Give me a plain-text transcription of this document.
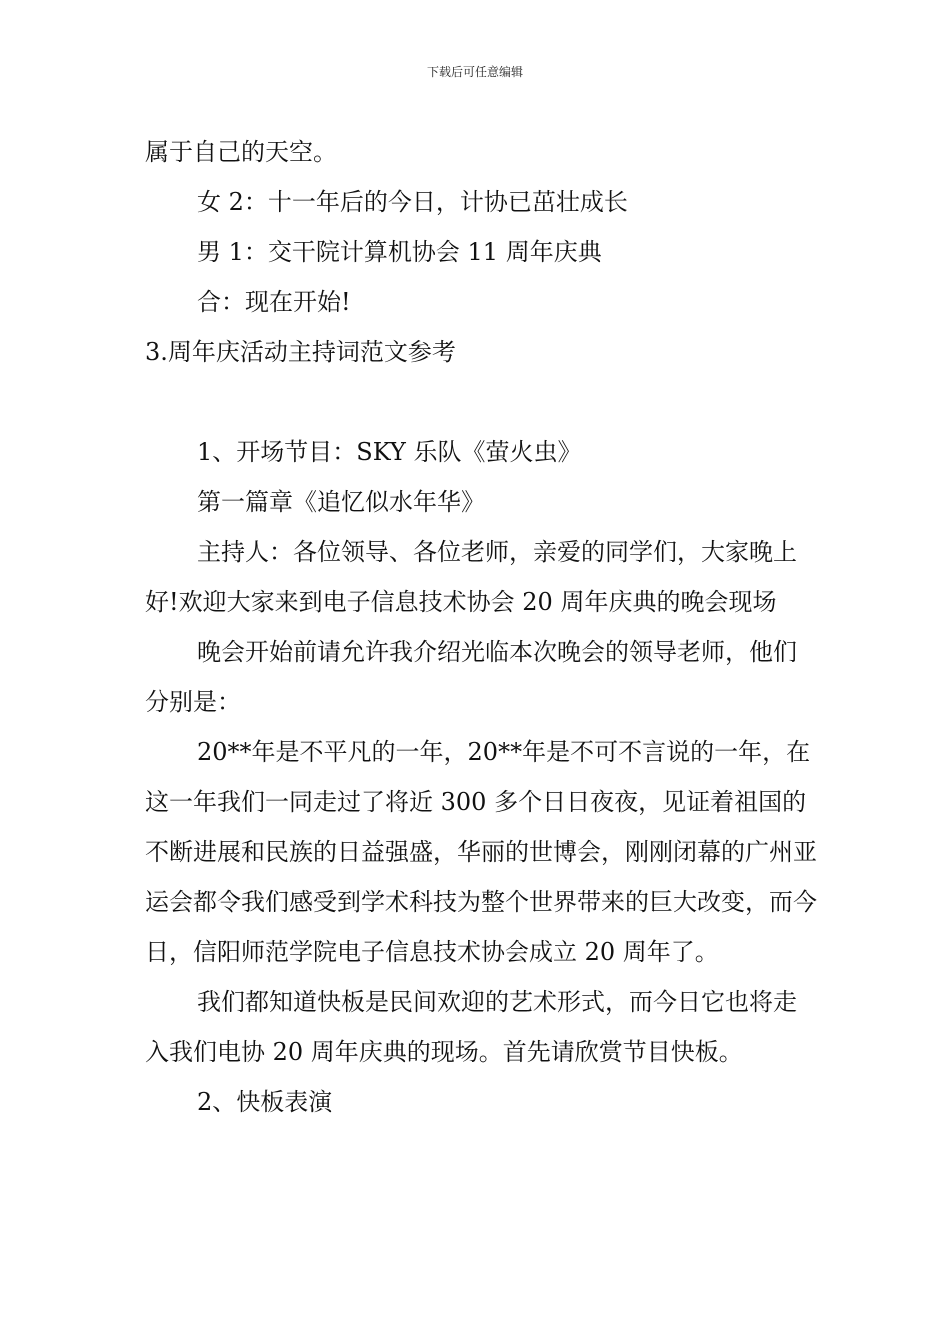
下载后可任意编辑

属于自己的天空。

女 2：十一年后的今日，计协已茁壮成长

男 1：交干院计算机协会 11 周年庆典

合：现在开始!

3.周年庆活动主持词范文参考

1、开场节目：SKY 乐队《萤火虫》

第一篇章《追忆似水年华》

主持人：各位领导、各位老师，亲爱的同学们，大家晚上好!欢迎大家来到电子信息技术协会 20 周年庆典的晚会现场

晚会开始前请允许我介绍光临本次晚会的领导老师，他们分别是：

20**年是不平凡的一年，20**年是不可不言说的一年，在这一年我们一同走过了将近 300 多个日日夜夜，见证着祖国的不断进展和民族的日益强盛，华丽的世博会，刚刚闭幕的广州亚运会都令我们感受到学术科技为整个世界带来的巨大改变，而今日，信阳师范学院电子信息技术协会成立 20 周年了。

我们都知道快板是民间欢迎的艺术形式，而今日它也将走入我们电协 20 周年庆典的现场。首先请欣赏节目快板。

2、快板表演
